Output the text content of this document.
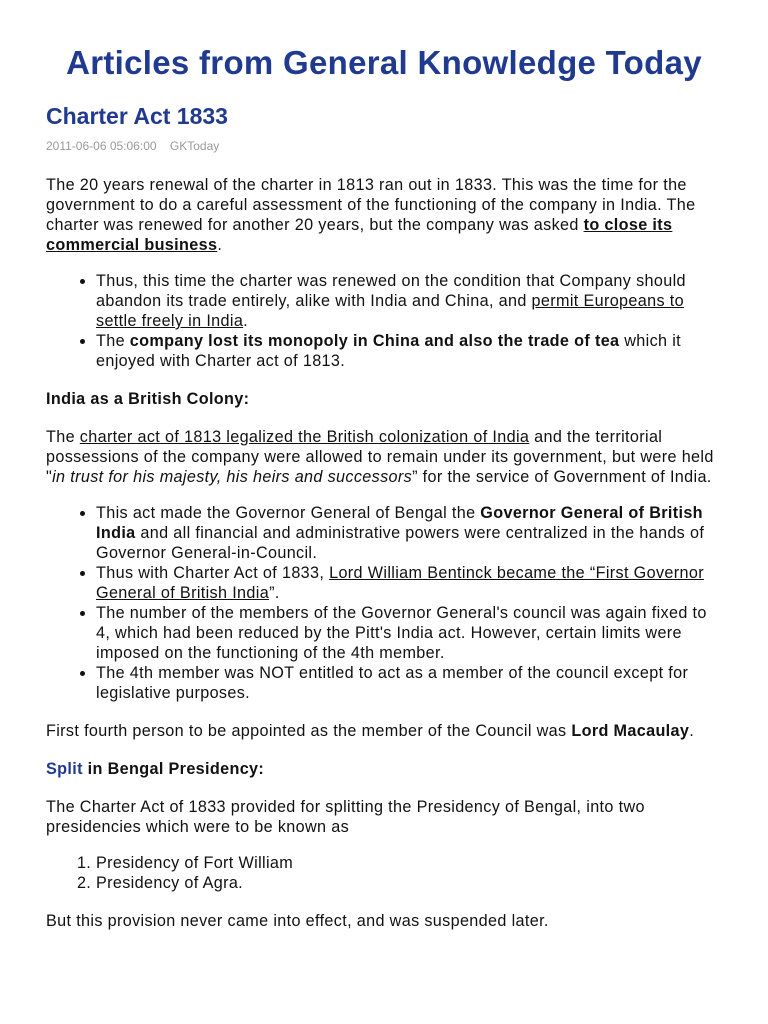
Articles from General Knowledge Today
Charter Act 1833
2011-06-06 05:06:00 GKToday

The 20 years renewal of the charter in 1813 ran out in 1833. This was the time for the government to do a careful assessment of the functioning of the company in India. The charter was renewed for another 20 years, but the company was asked to close its commercial business.

• Thus, this time the charter was renewed on the condition that Company should abandon its trade entirely, alike with India and China, and permit Europeans to settle freely in India.
• The company lost its monopoly in China and also the trade of tea which it enjoyed with Charter act of 1813.

India as a British Colony:

The charter act of 1813 legalized the British colonization of India and the territorial possessions of the company were allowed to remain under its government, but were held "in trust for his majesty, his heirs and successors” for the service of Government of India.

• This act made the Governor General of Bengal the Governor General of British India and all financial and administrative powers were centralized in the hands of Governor General-in-Council.
• Thus with Charter Act of 1833, Lord William Bentinck became the “First Governor General of British India”.
• The number of the members of the Governor General's council was again fixed to 4, which had been reduced by the Pitt's India act. However, certain limits were imposed on the functioning of the 4th member.
• The 4th member was NOT entitled to act as a member of the council except for legislative purposes.

First fourth person to be appointed as the member of the Council was Lord Macaulay.

Split in Bengal Presidency:

The Charter Act of 1833 provided for splitting the Presidency of Bengal, into two presidencies which were to be known as

1. Presidency of Fort William
2. Presidency of Agra.

But this provision never came into effect, and was suspended later.
